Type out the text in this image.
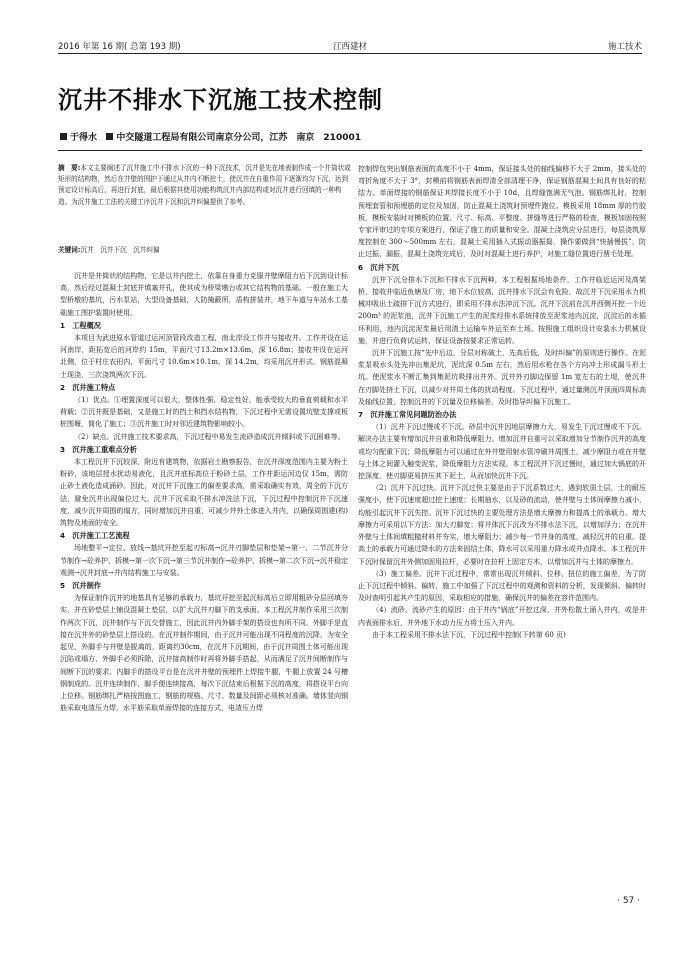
2016 年第 16 期( 总第 193 期)	江西建材	施工技术
沉井不排水下沉施工技术控制
于得水 中交隧道工程局有限公司南京分公司，江苏　南京　210001
摘　要:本文主要阐述了沉井施工中不排水下沉的一种下沉技术，沉井是先在地表制作成一个井筒状或矩形的结构物，然后在井壁的围护下通过从井内不断挖土，使沉井在自重作用下逐渐均匀下沉，达到预定设计标高后，再进行封底，最后根据其使用功能构筑沉井内部结构或对沉井进行回填的一种构造。为沉井施工工法的关键工序沉井下沉和沉井纠偏提供了参考。
关键词:沉井　沉井下沉　沉井纠偏

沉井是井筒状的结构物，它是以井内挖土，依靠自身重力克服井壁摩阻力后下沉到设计标高，然后经过混凝土封底并填塞井孔，使其成为桥梁墩台或其它结构物的基础。一般在施工大型桥墩的基坑，污水泵站，大型设备基础，人防掩蔽所，盾构拼装井，地下车道与车站水工基础施工围护装置时使用。

1　工程概况

本项目为武进原水管道过运河顶管段改造工程，南北岸设工作井与接收井。工作井设在运河南岸，距拓宽后的河岸约 15m，平面尺寸13.2m×13.6m，深 16.8m；接收井设在运河北侧，位于村庄农田内，平面尺寸 10.6m×10.1m，深 14.2m，均采用沉井形式，钢筋混凝土现浇，三次浇筑两次下沉。

2　沉井施工特点

（1）优点。①埋置深度可以很大，整体性强，稳定性好，能承受较大的垂直荷载和水平荷载；②沉井既是基础，又是施工时的挡土和挡水结构物，下沉过程中无需设置坑壁支撑或板桩围堰，简化了施工；③沉井施工时对邻近建筑物影响较小。

（2）缺点。沉井施工技术要求高，下沉过程中易发生流砂造成沉井倾斜或下沉困难等。

3　沉井施工重难点分析

本工程沉井下沉较深，附近有建筑物，依据岩土勘察报告，在沉井深度范围内主要为粉土粉砂，该地层授水扰动易液化，且沉井底标高位于粉砂土层，工作井距运河边仅 15m，需防止砂土液化造成涌砂。因此，对沉井下沉施工的偏差要求高，需采取确实有效，周全的下沉方法，避免沉井出现偏位过大。沉井下沉采取不排水冲洗法下沉，下沉过程中控制沉井下沉速度，减少沉井周围的塌方，同时增加沉井自重，可减少井外土体进入井内，以确保周围建(构)筑物及地面的安全。

4　沉井施工工艺流程

场地整平→定位、放线→基坑开挖至起刃标高→沉井刃脚垫层和垫架→第一、二节沉井分节制作→砼养护、拆模→第一次下沉→第三节沉井制作→砼养护、拆模→第二次下沉→沉井稳定观测→沉井封底→井内结构施工与安装。

5　沉井制作

为保证制作沉井的地基具有足够的承载力，基坑开挖至起沉标高后立即用粗砂分层回填夯实，并在砂垫层上铺设混凝土垫层，以扩大沉井刃脚下的支承面。本工程沉井制作采用三次制作两次下沉，沉井制作与下沉交替施工，因此沉井内外脚手架的搭设也有所不同。外脚手是直接在沉井外的砂垫层上搭设的。在沉井制作期间，由于沉井可能出现不同程度的沉降，为安全起见，外脚手与井壁是脱离的，距离约30cm，在沉井下沉期间，由于沉井周围土体可能出现沉陷或塌方，外脚手必须拆除，沉井接高制作时再将外脚手搭起，从而满足了沉井间断制作与间断下沉的要求。内脚手的搭设平台是在沉井井壁的预埋件上焊接牛腿，牛腿上放置 24 号槽钢制成的。沉井连续制作，脚手便连续接高，每次下沉结束后根据下沉的高度，将搭设平台向上位移。钢筋绑扎严格按图施工，钢筋的规格、尺寸、数量及间距必须核对准确。墙体竖向钢筋采取电渣压力焊，水平筋采取单面焊接的连接方式，电渣压力焊

控制焊包突出钢筋表面的高度不小于 4mm，保证接头处的轴线偏移不大于 2mm，接头处的弯折角度不大于 3°，封模前将钢筋表面焊渣全部清理干净，保证钢筋混凝土间具有良好的粘结力。单面焊接的钢筋保证其焊接长度不小于 10d，且焊缝饱满无气泡。钢筋绑扎时，控制预埋套管和预埋筋的定位及加固，防止混凝土浇筑时预埋件跑位。模板采用 18mm 厚的竹胶板，模板安装时对模板的位置、尺寸、标高、平整度、拼缝等进行严格的检查，模板加固按照专家评审过的专项方案进行，保证了施工的质量和安全。混凝土浇筑应分层进行，每层浇筑厚度控制在 300～500mm 左右，混凝土采用插入式振动器振捣，操作要做到“快插慢拔”，防止过振、漏振，混凝土浇筑完成后，及时对混凝土进行养护，对施工缝位置进行凿毛处理。

6　沉井下沉

沉井下沉分排水下沉和不排水下沉两种，本工程根据场地条件，工作井临近运河及高架桥，接收井临近鱼塘及厂房，地下水位较高，沉井排水下沉会有危险，故沉井下沉采用水力机械冲吸出土疏排下沉方式进行，即采用不排水法冲沉下沉。沉井下沉前在沉井西侧开挖一个近200m³ 的泥浆池，沉井下沉施工产生的泥浆经排水系统排放至泥浆池内沉淀，沉淀后的水循环利用，池内沉淀泥浆最后用渣土运输车外运至弃土场。按照施工组织设计安装水力机械设施，并进行负荷试运转，保证设备按要求正常运转。

沉井下沉施工按“先中后边，分层对称破土，先高后低，及时纠偏”的原则进行操作。在泥浆泵吸水头处先冲出集泥坑，泥坑深 0.5m 左右，然后用水枪在各个方向冲土形成漏斗形土坑。使泥浆水不断汇集到集泥坑吸排出井外。沉井外刃脚边保留 1m 宽左右的土堤，使沉井在刃脚处挤土下沉，以减少对井周土体的扰动程度。下沉过程中，通过量测沉井顶面四周标高及轴线位置，控制沉井的下沉量及位移偏差，及时指导纠偏下沉施工。

7　沉井施工常见问题防治办法

（1）沉井下沉过慢或不下沉。砂层中沉井因地层摩擦力大，易发生下沉过慢或不下沉。解决办法主要有增加沉井自重和降低摩阻力。增加沉井自重可以采取增加分节制作沉井的高度或均匀配重下沉；降低摩阻力可以通过在外井壁用射水管冲刷井周围土，减少摩阻力或在井壁与土体之间灌入触变泥浆，降低摩阻力方法实现。本工程沉井下沉过慢时，通过加大锅底的开挖深度，使刃脚更易挤压其下泥土，从而加快沉井下沉。

（2）沉井下沉过快。沉井下沉过快主要是由于下沉系数过大，遇到软弱土层，土的耐压强度小，使下沉速度超过挖土速度；长期抽水，以及砂的流动，使井壁与土体间摩擦力减小，均能引起沉井下沉失控。沉井下沉过快的主要处理方法是增大摩擦力和提高土的承载力。增大摩擦力可采用以下方法：加大刃脚宽；将井体沉下沉改为不排水法下沉，以增加浮力；在沉井外壁与土体间填粗糙材料并夯实，增大摩阻力；减少每一节井身的高度，减轻沉井的自重。提高土的承载力可通过降水的方法来固结土体，降水可以采用重力降水或井点降水。本工程沉井下沉时保留沉井外侧加固用拉杆，必要时在拉杆上固定方木，以增加沉井与土体的摩擦力。

（3）施工偏差。沉井下沉过程中，常常出现沉井倾斜、位移、扭位的施工偏差，为了防止下沉过程中倾斜、偏转，施工中加强了下沉过程中的观测和资料的分析，发现倾斜、偏转时及时查明引起其产生的原因，采取相应的措施，确保沉井的偏差在容许范围内。

（4）流砂。流砂产生的原因：由于井内“锅底”开挖过深，井外松散土涌入井内，或是井内表面排水后，井外地下水动力压力将土压入井内。

由于本工程采用不排水法下沉，下沉过程中控制(下转第 60 页)

· 57 ·
